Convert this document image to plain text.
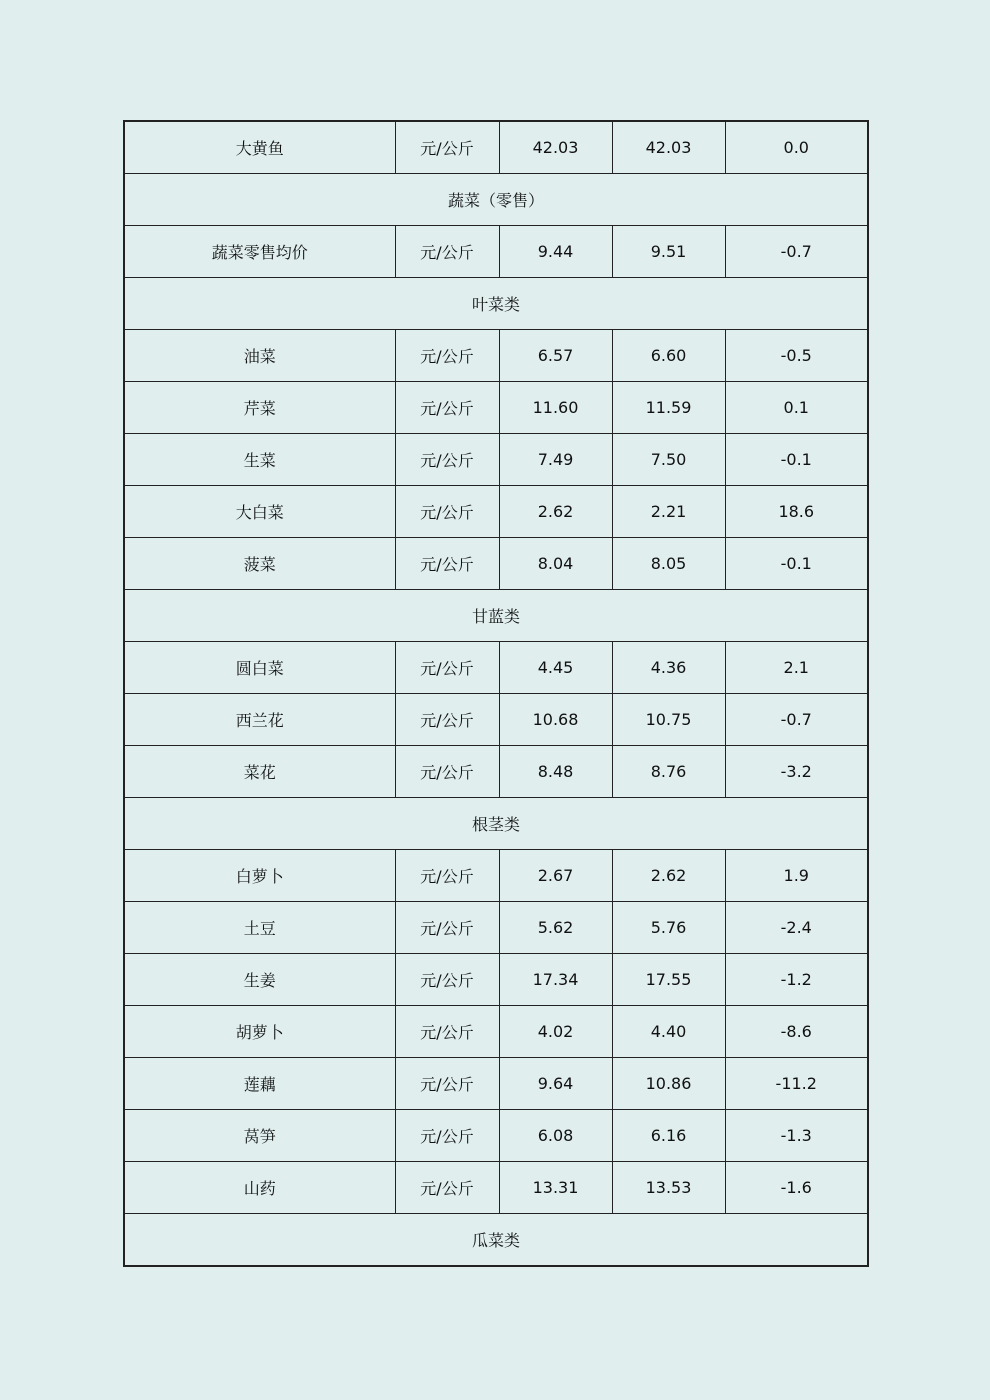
大黄鱼	元/公斤	42.03	42.03	0.0
蔬菜（零售）				
蔬菜零售均价	元/公斤	9.44	9.51	-0.7
叶菜类				
油菜	元/公斤	6.57	6.60	-0.5
芹菜	元/公斤	11.60	11.59	0.1
生菜	元/公斤	7.49	7.50	-0.1
大白菜	元/公斤	2.62	2.21	18.6
菠菜	元/公斤	8.04	8.05	-0.1
甘蓝类				
圆白菜	元/公斤	4.45	4.36	2.1
西兰花	元/公斤	10.68	10.75	-0.7
菜花	元/公斤	8.48	8.76	-3.2
根茎类				
白萝卜	元/公斤	2.67	2.62	1.9
土豆	元/公斤	5.62	5.76	-2.4
生姜	元/公斤	17.34	17.55	-1.2
胡萝卜	元/公斤	4.02	4.40	-8.6
莲藕	元/公斤	9.64	10.86	-11.2
莴笋	元/公斤	6.08	6.16	-1.3
山药	元/公斤	13.31	13.53	-1.6
瓜菜类				
